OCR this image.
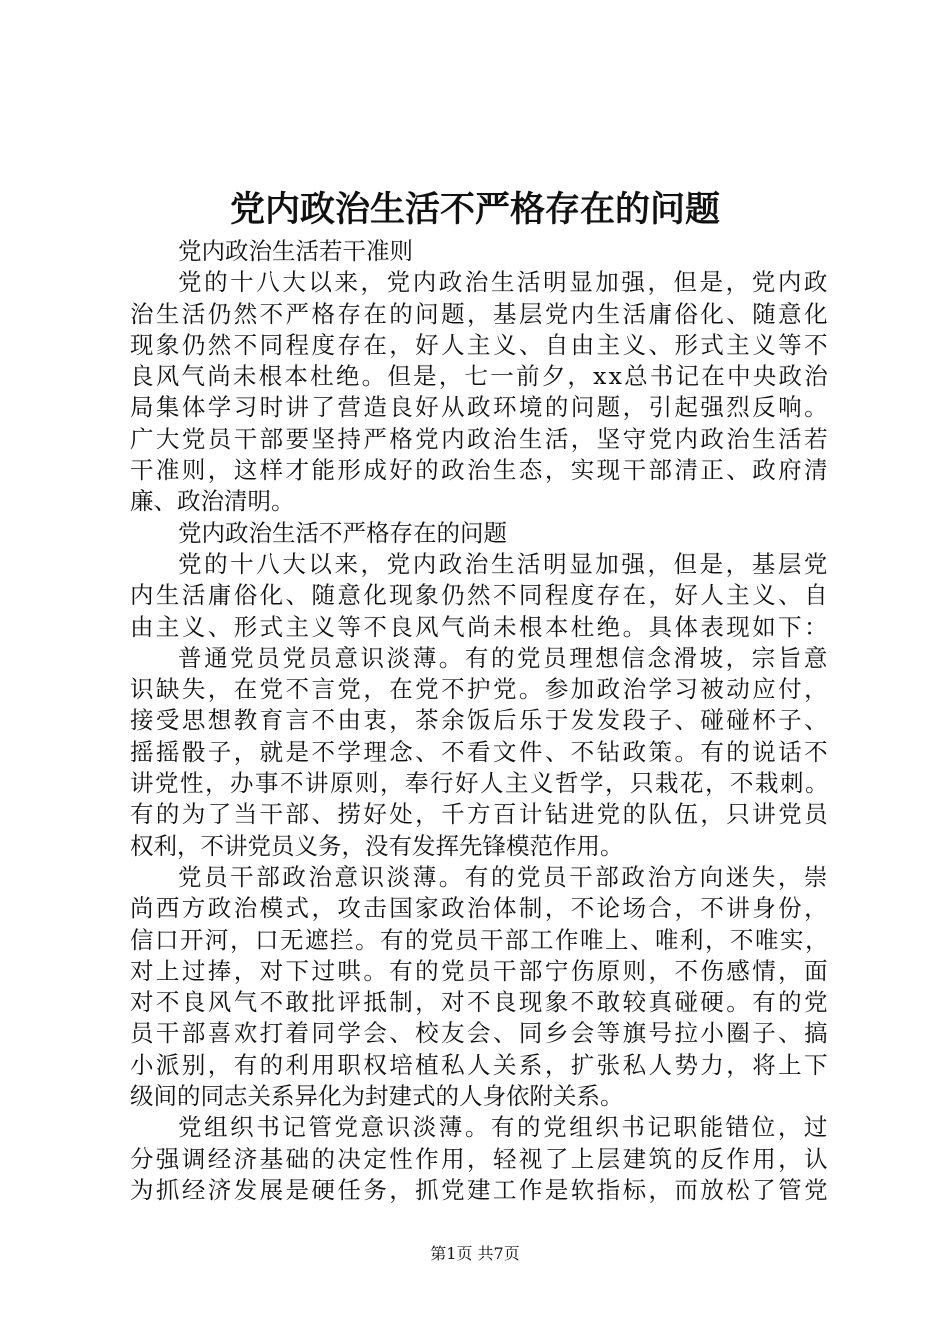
党内政治生活不严格存在的问题
党内政治生活若干准则
党的十八大以来，党内政治生活明显加强，但是，党内政
治生活仍然不严格存在的问题，基层党内生活庸俗化、随意化
现象仍然不同程度存在，好人主义、自由主义、形式主义等不
良风气尚未根本杜绝。但是，七一前夕，xx总书记在中央政治
局集体学习时讲了营造良好从政环境的问题，引起强烈反响。
广大党员干部要坚持严格党内政治生活，坚守党内政治生活若
干准则，这样才能形成好的政治生态，实现干部清正、政府清
廉、政治清明。
党内政治生活不严格存在的问题
党的十八大以来，党内政治生活明显加强，但是，基层党
内生活庸俗化、随意化现象仍然不同程度存在，好人主义、自
由主义、形式主义等不良风气尚未根本杜绝。具体表现如下：
普通党员党员意识淡薄。有的党员理想信念滑坡，宗旨意
识缺失，在党不言党，在党不护党。参加政治学习被动应付，
接受思想教育言不由衷，茶余饭后乐于发发段子、碰碰杯子、
摇摇骰子，就是不学理念、不看文件、不钻政策。有的说话不
讲党性，办事不讲原则，奉行好人主义哲学，只栽花，不栽刺。
有的为了当干部、捞好处，千方百计钻进党的队伍，只讲党员
权利，不讲党员义务，没有发挥先锋模范作用。
党员干部政治意识淡薄。有的党员干部政治方向迷失，崇
尚西方政治模式，攻击国家政治体制，不论场合，不讲身份，
信口开河，口无遮拦。有的党员干部工作唯上、唯利，不唯实，
对上过捧，对下过哄。有的党员干部宁伤原则，不伤感情，面
对不良风气不敢批评抵制，对不良现象不敢较真碰硬。有的党
员干部喜欢打着同学会、校友会、同乡会等旗号拉小圈子、搞
小派别，有的利用职权培植私人关系，扩张私人势力，将上下
级间的同志关系异化为封建式的人身依附关系。
党组织书记管党意识淡薄。有的党组织书记职能错位，过
分强调经济基础的决定性作用，轻视了上层建筑的反作用，认
为抓经济发展是硬任务，抓党建工作是软指标，而放松了管党
第1页 共7页
